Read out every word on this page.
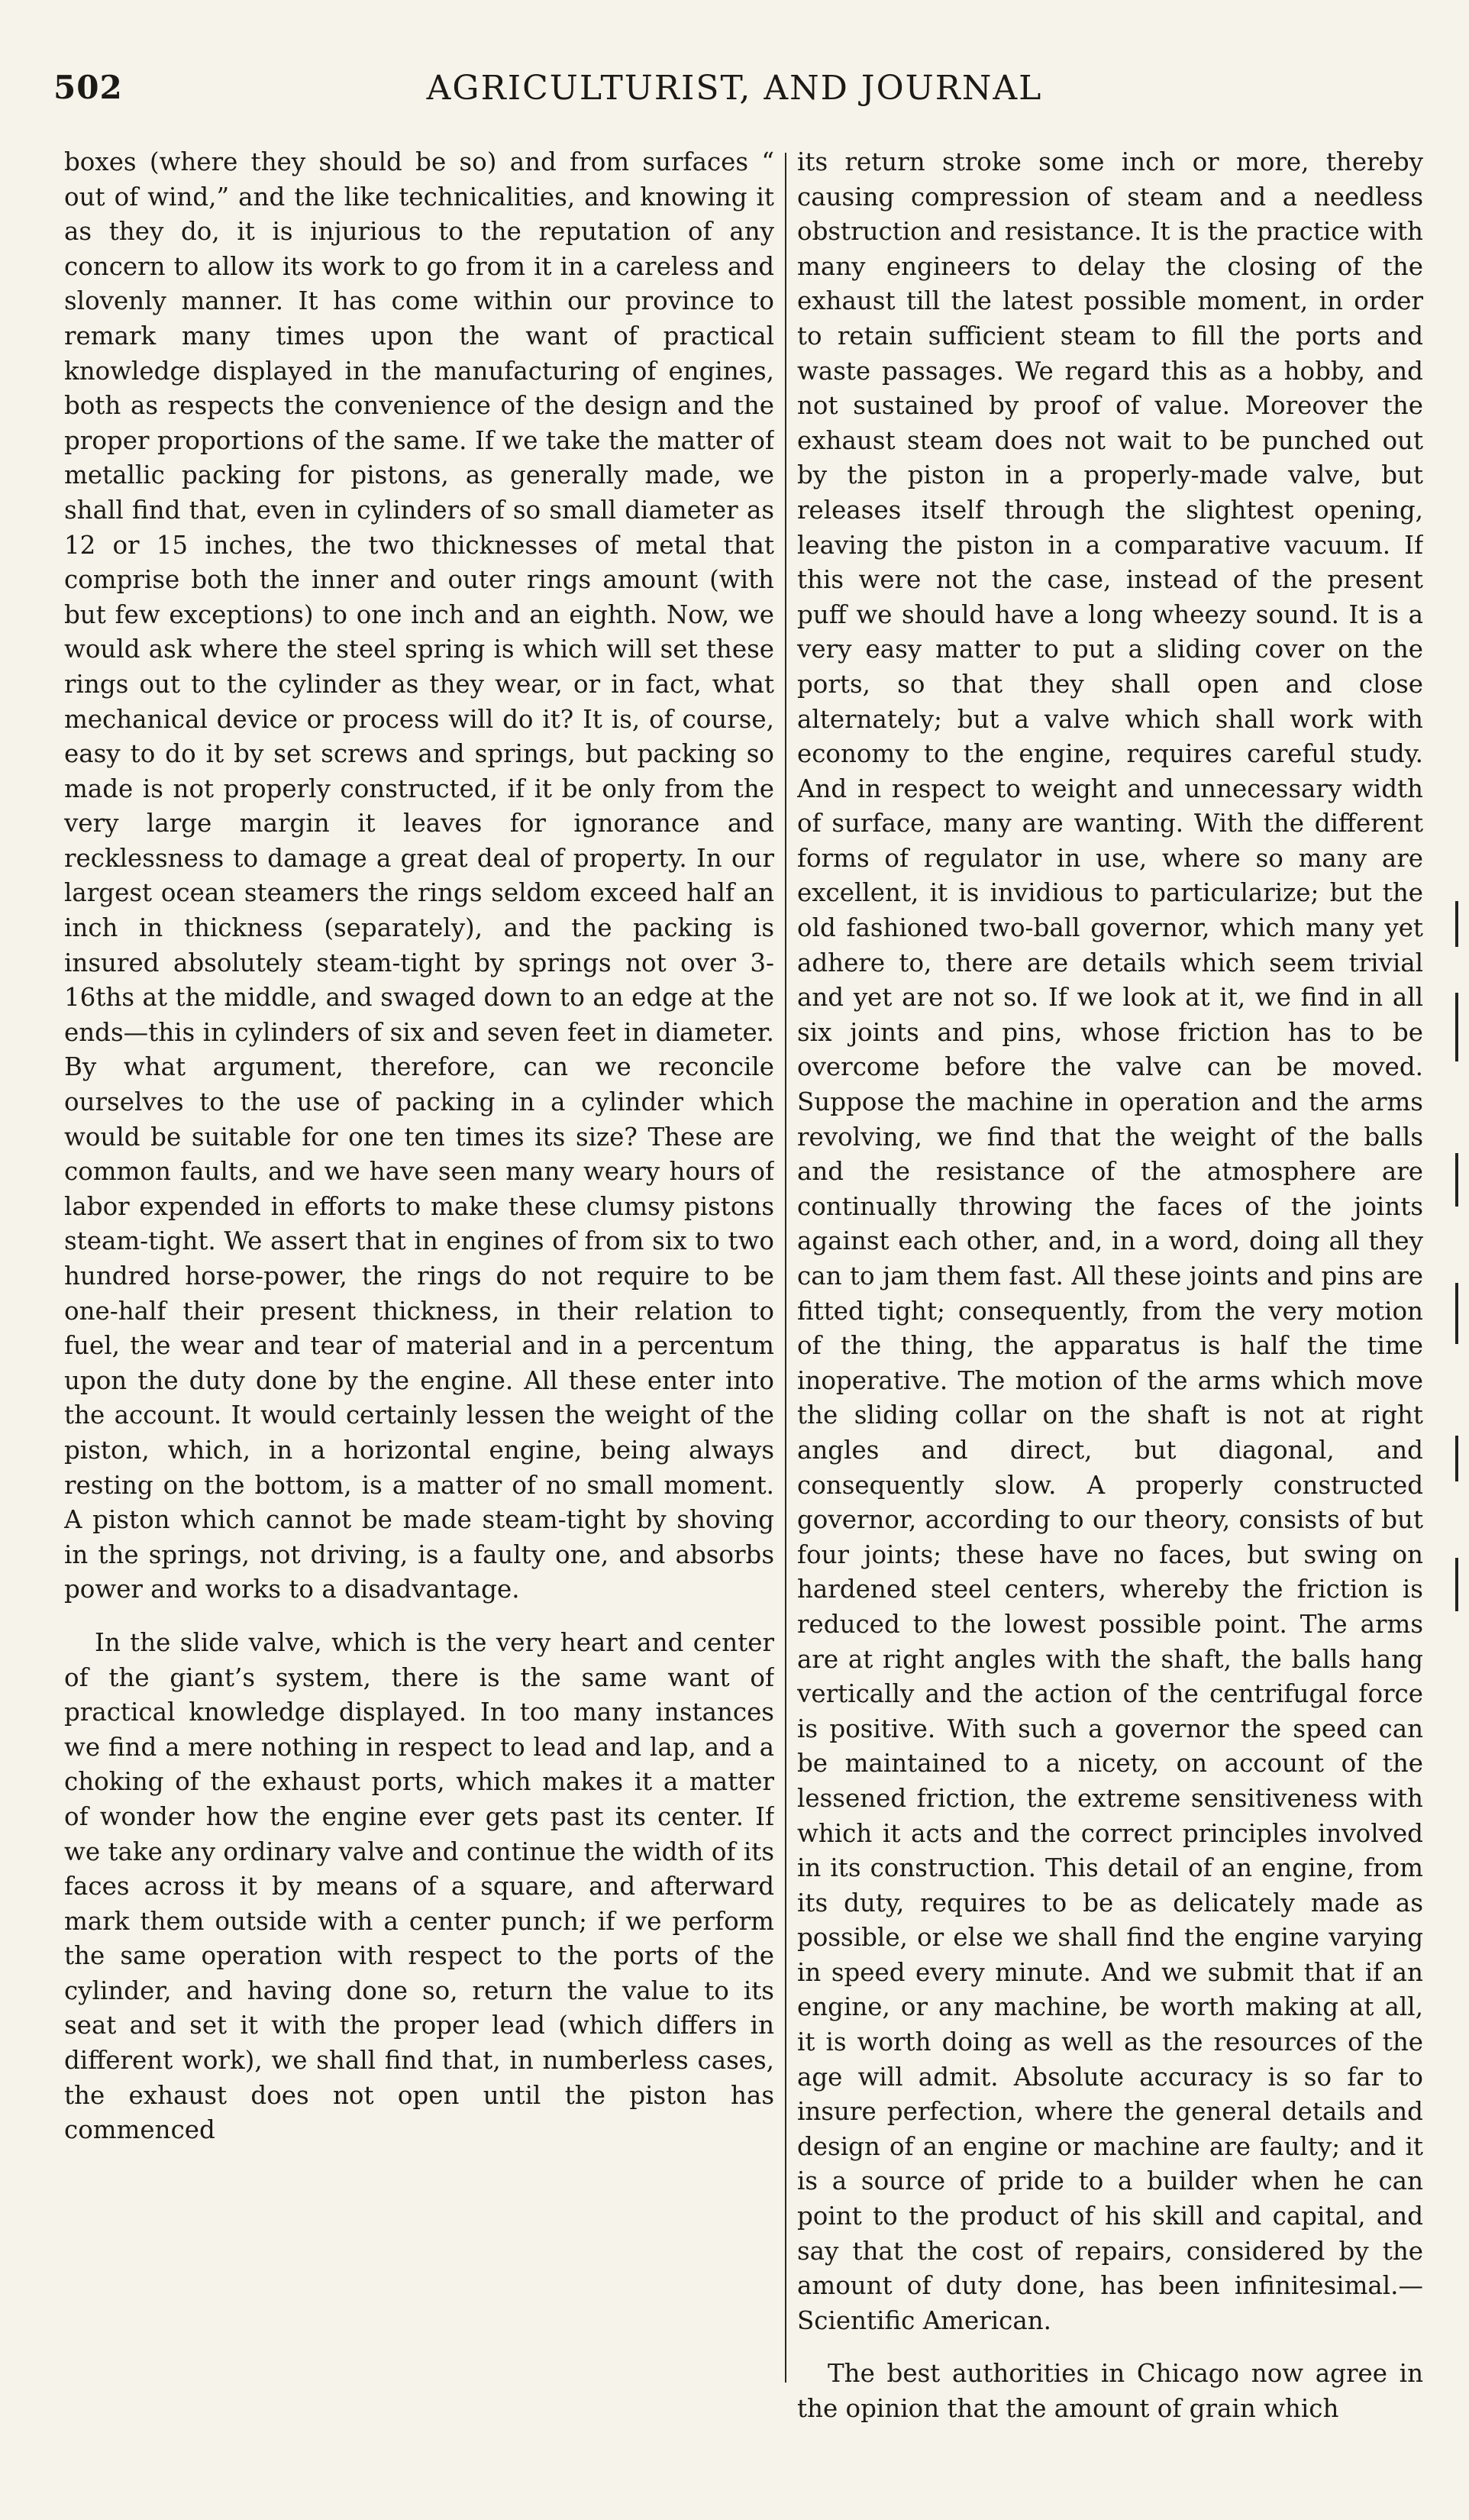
502	AGRICULTURIST, AND JOURNAL

boxes (where they should be so) and from surfaces “ out of wind,” and the like technicalities, and knowing it as they do, it is injurious to the reputation of any concern to allow its work to go from it in a careless and slovenly manner. It has come within our province to remark many times upon the want of practical knowledge displayed in the manufacturing of engines, both as respects the convenience of the design and the proper proportions of the same. If we take the matter of metallic packing for pistons, as generally made, we shall find that, even in cylinders of so small diameter as 12 or 15 inches, the two thicknesses of metal that comprise both the inner and outer rings amount (with but few exceptions) to one inch and an eighth. Now, we would ask where the steel spring is which will set these rings out to the cylinder as they wear, or in fact, what mechanical device or process will do it? It is, of course, easy to do it by set screws and springs, but packing so made is not properly constructed, if it be only from the very large margin it leaves for ignorance and recklessness to damage a great deal of property. In our largest ocean steamers the rings seldom exceed half an inch in thickness (separately), and the packing is insured absolutely steam-tight by springs not over 3-16ths at the middle, and swaged down to an edge at the ends—this in cylinders of six and seven feet in diameter. By what argument, therefore, can we reconcile ourselves to the use of packing in a cylinder which would be suitable for one ten times its size? These are common faults, and we have seen many weary hours of labor expended in efforts to make these clumsy pistons steam-tight. We assert that in engines of from six to two hundred horse-power, the rings do not require to be one-half their present thickness, in their relation to fuel, the wear and tear of material and in a percentum upon the duty done by the engine. All these enter into the account. It would certainly lessen the weight of the piston, which, in a horizontal engine, being always resting on the bottom, is a matter of no small moment. A piston which cannot be made steam-tight by shoving in the springs, not driving, is a faulty one, and absorbs power and works to a disadvantage.

In the slide valve, which is the very heart and center of the giant’s system, there is the same want of practical knowledge displayed. In too many instances we find a mere nothing in respect to lead and lap, and a choking of the exhaust ports, which makes it a matter of wonder how the engine ever gets past its center. If we take any ordinary valve and continue the width of its faces across it by means of a square, and afterward mark them outside with a center punch; if we perform the same operation with respect to the ports of the cylinder, and having done so, return the value to its seat and set it with the proper lead (which differs in different work), we shall find that, in numberless cases, the exhaust does not open until the piston has commenced

its return stroke some inch or more, thereby causing compression of steam and a needless obstruction and resistance. It is the practice with many engineers to delay the closing of the exhaust till the latest possible moment, in order to retain sufficient steam to fill the ports and waste passages. We regard this as a hobby, and not sustained by proof of value. Moreover the exhaust steam does not wait to be punched out by the piston in a properly-made valve, but releases itself through the slightest opening, leaving the piston in a comparative vacuum. If this were not the case, instead of the present puff we should have a long wheezy sound. It is a very easy matter to put a sliding cover on the ports, so that they shall open and close alternately; but a valve which shall work with economy to the engine, requires careful study. And in respect to weight and unnecessary width of surface, many are wanting. With the different forms of regulator in use, where so many are excellent, it is invidious to particularize; but the old fashioned two-ball governor, which many yet adhere to, there are details which seem trivial and yet are not so. If we look at it, we find in all six joints and pins, whose friction has to be overcome before the valve can be moved. Suppose the machine in operation and the arms revolving, we find that the weight of the balls and the resistance of the atmosphere are continually throwing the faces of the joints against each other, and, in a word, doing all they can to jam them fast. All these joints and pins are fitted tight; consequently, from the very motion of the thing, the apparatus is half the time inoperative. The motion of the arms which move the sliding collar on the shaft is not at right angles and direct, but diagonal, and consequently slow. A properly constructed governor, according to our theory, consists of but four joints; these have no faces, but swing on hardened steel centers, whereby the friction is reduced to the lowest possible point. The arms are at right angles with the shaft, the balls hang vertically and the action of the centrifugal force is positive. With such a governor the speed can be maintained to a nicety, on account of the lessened friction, the extreme sensitiveness with which it acts and the correct principles involved in its construction. This detail of an engine, from its duty, requires to be as delicately made as possible, or else we shall find the engine varying in speed every minute. And we submit that if an engine, or any machine, be worth making at all, it is worth doing as well as the resources of the age will admit. Absolute accuracy is so far to insure perfection, where the general details and design of an engine or machine are faulty; and it is a source of pride to a builder when he can point to the product of his skill and capital, and say that the cost of repairs, considered by the amount of duty done, has been infinitesimal.—Scientific American.

The best authorities in Chicago now agree in the opinion that the amount of grain which
